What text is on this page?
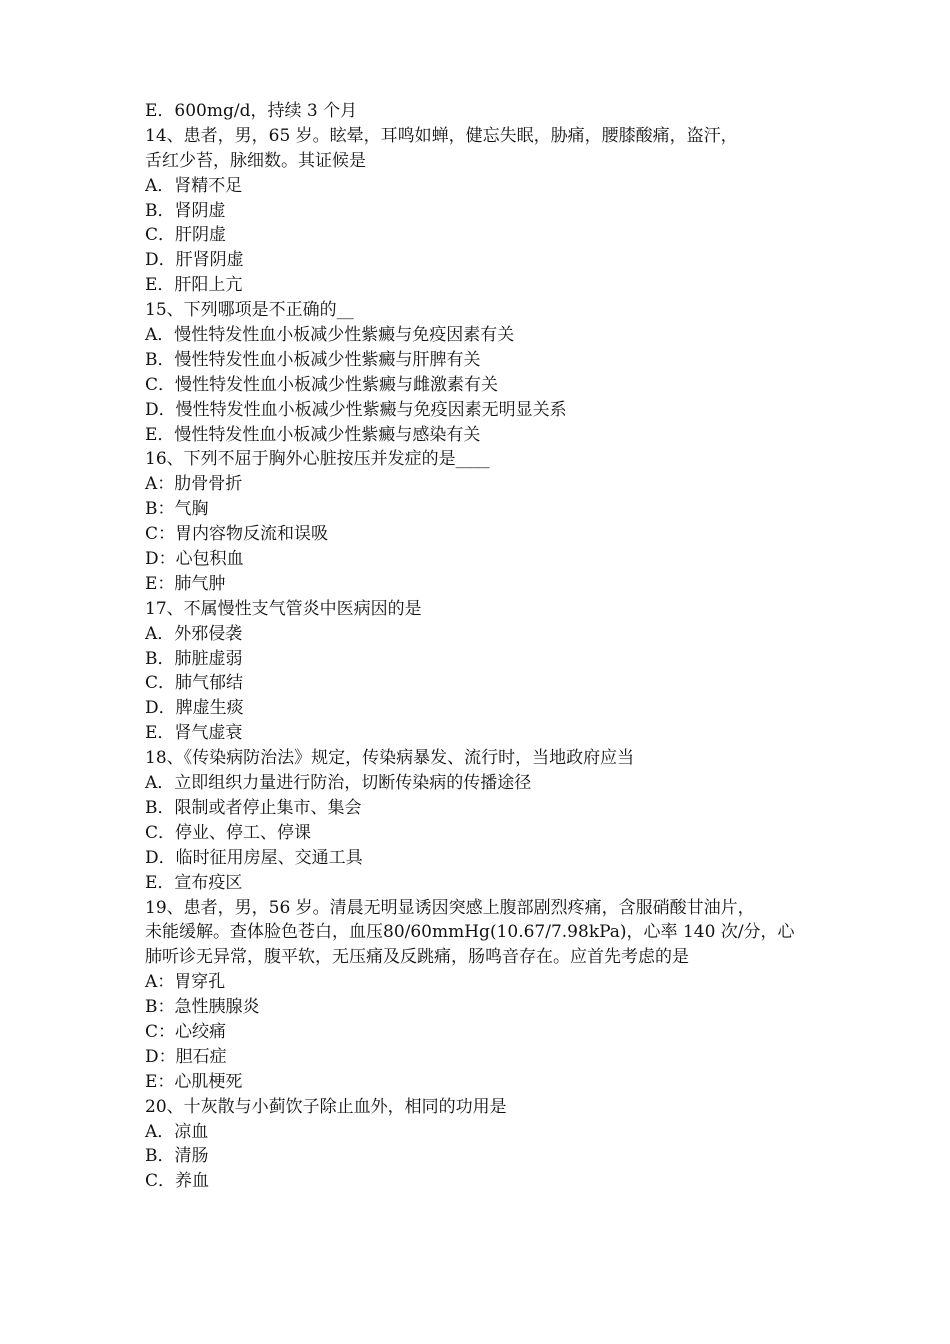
E．600mg/d，持续 3 个月
14、患者，男，65 岁。眩晕，耳鸣如蝉，健忘失眠，胁痛，腰膝酸痛，盗汗，
舌红少苔，脉细数。其证候是
A．肾精不足
B．肾阴虚
C．肝阴虚
D．肝肾阴虚
E．肝阳上亢
15、下列哪项是不正确的__
A．慢性特发性血小板减少性紫癜与免疫因素有关
B．慢性特发性血小板减少性紫癜与肝脾有关
C．慢性特发性血小板减少性紫癜与雌激素有关
D．慢性特发性血小板减少性紫癜与免疫因素无明显关系
E．慢性特发性血小板减少性紫癜与感染有关
16、下列不屈于胸外心脏按压并发症的是____
A：肋骨骨折
B：气胸
C：胃内容物反流和误吸
D：心包积血
E：肺气肿
17、不属慢性支气管炎中医病因的是
A．外邪侵袭
B．肺脏虚弱
C．肺气郁结
D．脾虚生痰
E．肾气虚衰
18、《传染病防治法》规定，传染病暴发、流行时，当地政府应当
A．立即组织力量进行防治，切断传染病的传播途径
B．限制或者停止集市、集会
C．停业、停工、停课
D．临时征用房屋、交通工具
E．宣布疫区
19、患者，男，56 岁。清晨无明显诱因突感上腹部剧烈疼痛，含服硝酸甘油片，
未能缓解。查体脸色苍白，血压80/60mmHg(10.67/7.98kPa)，心率 140 次/分，心
肺听诊无异常，腹平软，无压痛及反跳痛，肠鸣音存在。应首先考虑的是
A：胃穿孔
B：急性胰腺炎
C：心绞痛
D：胆石症
E：心肌梗死
20、十灰散与小蓟饮子除止血外，相同的功用是
A．凉血
B．清肠
C．养血
